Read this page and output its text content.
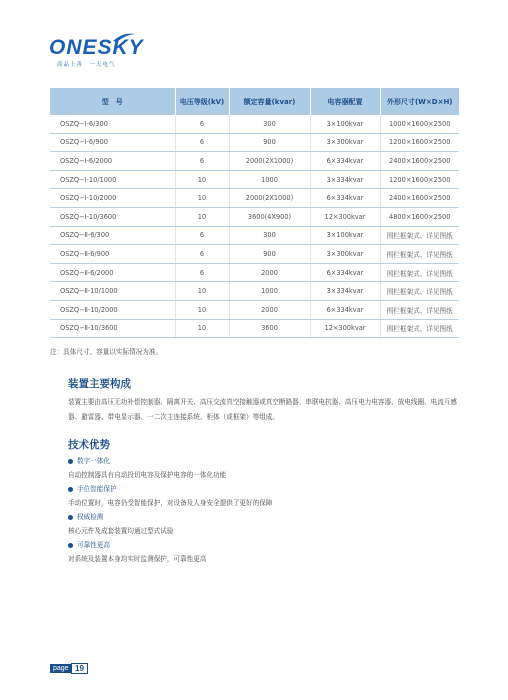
ONESKY
商品上善　一天电气
型　号	电压等级(kV)	额定容量(kvar)	电容器配置	外形尺寸(W×D×H)
OSZQ−Ⅰ-6/300	6	300	3×100kvar	1000×1600×2500
OSZQ−Ⅰ-6/900	6	900	3×300kvar	1200×1600×2500
OSZQ−Ⅰ-6/2000	6	2000(2X1000)	6×334kvar	2400×1600×2500
OSZQ−Ⅰ-10/1000	10	1000	3×334kvar	1200×1600×2500
OSZQ−Ⅰ-10/2000	10	2000(2X1000)	6×334kvar	2400×1600×2500
OSZQ−Ⅰ-10/3600	10	3600(4X900)	12×300kvar	4800×1600×2500
OSZQ−Ⅱ-6/300	6	300	3×100kvar	围栏框架式、详见图纸
OSZQ−Ⅱ-6/900	6	900	3×300kvar	围栏框架式、详见图纸
OSZQ−Ⅱ-6/2000	6	2000	6×334kvar	围栏框架式、详见图纸
OSZQ−Ⅱ-10/1000	10	1000	3×334kvar	围栏框架式、详见图纸
OSZQ−Ⅱ-10/2000	10	2000	6×334kvar	围栏框架式、详见图纸
OSZQ−Ⅱ-10/3600	10	3600	12×300kvar	围栏框架式、详见图纸
注：具体尺寸、容量以实际情况为准。
装置主要构成
装置主要由高压无功补偿控制器、隔离开关、高压交流真空接触器或真空断路器、串联电抗器、高压电力电容器、放电线圈、电流互感器、避雷器、带电显示器、一二次主连接系统、柜体（或框架）等组成。
技术优势
数字一体化
自动控制器具有自动投切电容及保护电容的一体化功能
手位智能保护
手动位置时，电容仍受智能保护，对设备及人身安全提供了更好的保障
权威检测
核心元件及成套装置均通过型式试验
可靠性更高
对系统及装置本身均实时监测保护，可靠性更高
page 19
